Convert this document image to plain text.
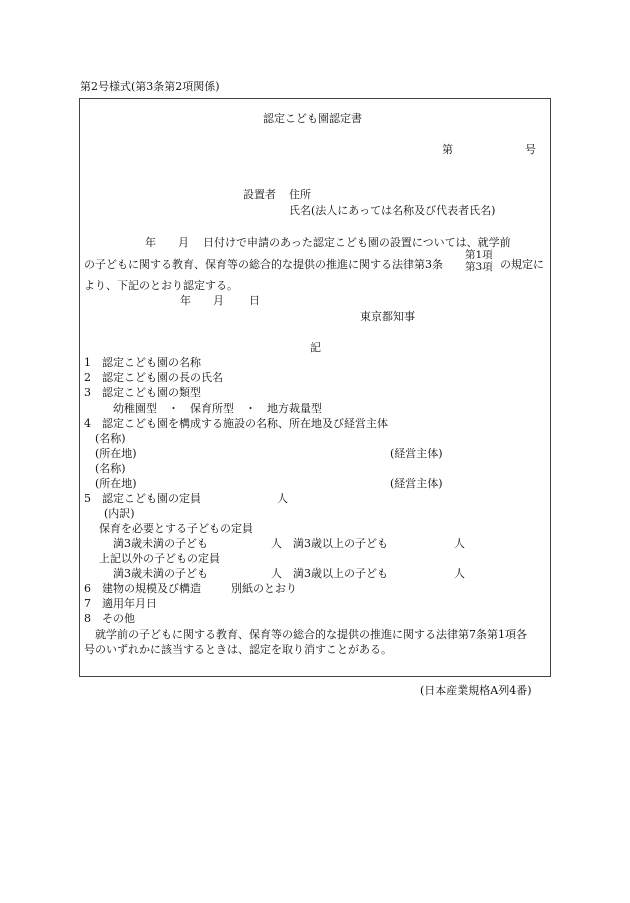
第2号様式(第3条第2項関係)
認定こども園認定書
第	号
設置者 住所
氏名(法人にあっては名称及び代表者氏名)
年 月 日付けで申請のあった認定こども園の設置については、就学前
の子どもに関する教育、保育等の総合的な提供の推進に関する法律第3条
第1項
第3項 の規定に
より、下記のとおり認定する。
年 月 日
東京都知事
記
1　認定こども園の名称
2　認定こども園の長の氏名
3　認定こども園の類型
幼稚園型　・　保育所型　・　地方裁量型
4　認定こども園を構成する施設の名称、所在地及び経営主体
(名称)
(所在地)	(経営主体)
(名称)
(所在地)	(経営主体)
5　認定こども園の定員	人
(内訳)
保育を必要とする子どもの定員
満3歳未満の子ども	人 満3歳以上の子ども	人
上記以外の子どもの定員
満3歳未満の子ども	人 満3歳以上の子ども	人
6　建物の規模及び構造	別紙のとおり
7　適用年月日
8　その他
就学前の子どもに関する教育、保育等の総合的な提供の推進に関する法律第7条第1項各
号のいずれかに該当するときは、認定を取り消すことがある。
(日本産業規格A列4番)
